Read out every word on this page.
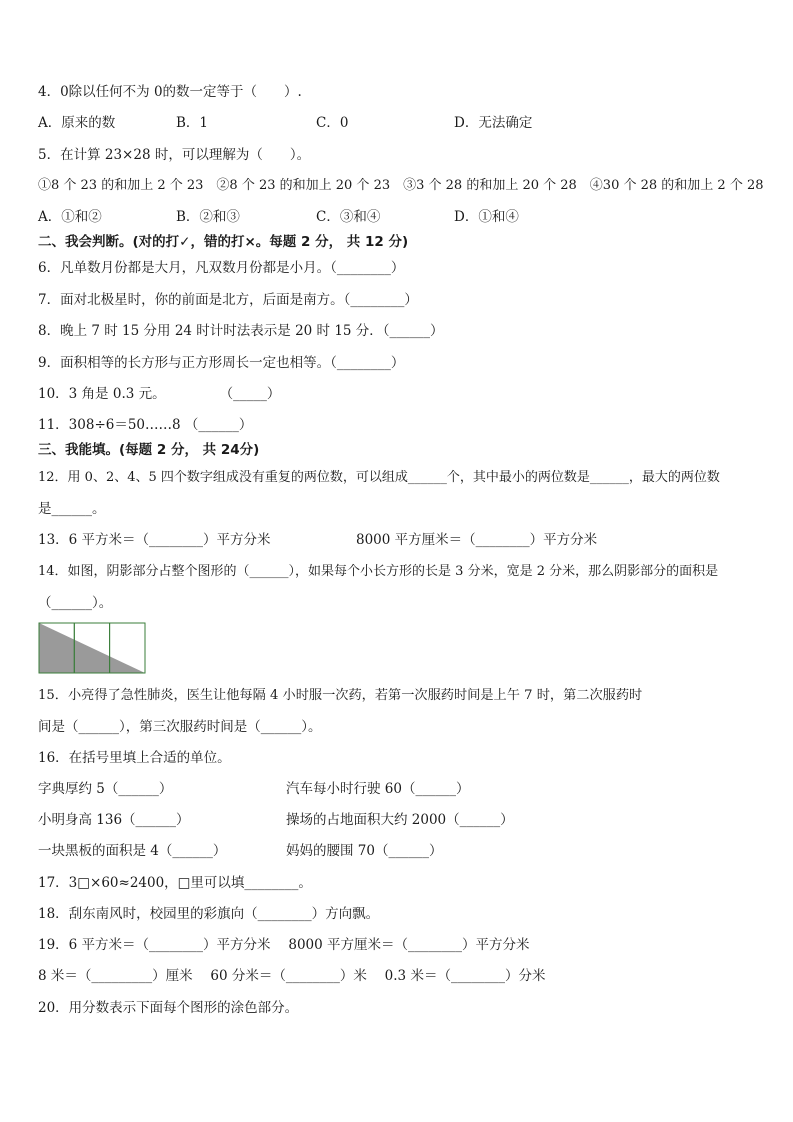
4．0除以任何不为 0的数一定等于（　　）.
A．原来的数	B．1	C．0	D．无法确定
5．在计算 23×28 时，可以理解为（　　）。
①8 个 23 的和加上 2 个 23　②8 个 23 的和加上 20 个 23　③3 个 28 的和加上 20 个 28　④30 个 28 的和加上 2 个 28
A．①和②	B．②和③	C．③和④	D．①和④
二、我会判断。(对的打✓，错的打×。每题 2 分， 共 12 分)
6．凡单数月份都是大月，凡双数月份都是小月。（________）
7．面对北极星时，你的前面是北方，后面是南方。（________）
8．晚上 7 时 15 分用 24 时计时法表示是 20 时 15 分．（______）
9．面积相等的长方形与正方形周长一定也相等。（________）
10．3 角是 0.3 元。　　　　　（_____）
11．308÷6＝50……8 （______）
三、我能填。(每题 2 分， 共 24分)
12．用 0、2、4、5 四个数字组成没有重复的两位数，可以组成______个，其中最小的两位数是______，最大的两位数
是______。
13．6 平方米＝（________）平方分米	8000 平方厘米＝（________）平方分米
14．如图，阴影部分占整个图形的（______），如果每个小长方形的长是 3 分米，宽是 2 分米，那么阴影部分的面积是
（______）。
15．小亮得了急性肺炎，医生让他每隔 4 小时服一次药，若第一次服药时间是上午 7 时，第二次服药时
间是（______），第三次服药时间是（______）。
16．在括号里填上合适的单位。
字典厚约 5（______）	汽车每小时行驶 60（______）
小明身高 136（______）	操场的占地面积大约 2000（______）
一块黑板的面积是 4（______）	妈妈的腰围 70（______）
17．3□×60≈2400，□里可以填________。
18．刮东南风时，校园里的彩旗向（________）方向飘。
19．6 平方米＝（________）平方分米　 8000 平方厘米＝（________）平方分米
8 米＝（_________）厘米　 60 分米＝（________）米　 0.3 米＝（________）分米
20．用分数表示下面每个图形的涂色部分。
